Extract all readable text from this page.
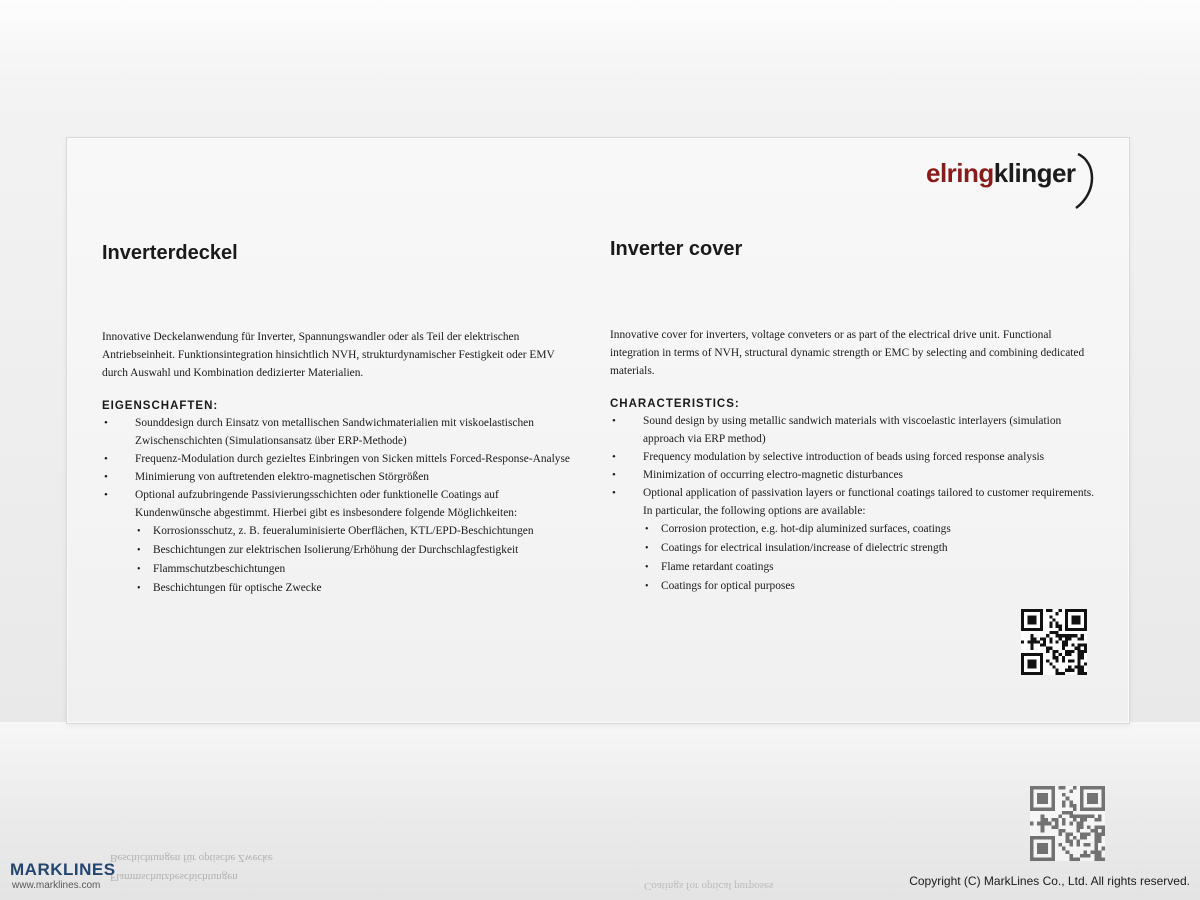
elringklinger
Inverterdeckel
Innovative Deckelanwendung für Inverter, Spannungswandler oder als Teil der elektrischen Antriebseinheit. Funktionsintegration hinsichtlich NVH, strukturdynamischer Festigkeit oder EMV durch Auswahl und Kombination dedizierter Materialien.
EIGENSCHAFTEN:
• Sounddesign durch Einsatz von metallischen Sandwichmaterialien mit viskoelastischen Zwischenschichten (Simulationsansatz über ERP-Methode)
• Frequenz-Modulation durch gezieltes Einbringen von Sicken mittels Forced-Response-Analyse
• Minimierung von auftretenden elektro-magnetischen Störgrößen
• Optional aufzubringende Passivierungsschichten oder funktionelle Coatings auf Kundenwünsche abgestimmt. Hierbei gibt es insbesondere folgende Möglichkeiten:
• Korrosionsschutz, z. B. feueraluminisierte Oberflächen, KTL/EPD-Beschichtungen
• Beschichtungen zur elektrischen Isolierung/Erhöhung der Durchschlagfestigkeit
• Flammschutzbeschichtungen
• Beschichtungen für optische Zwecke
Inverter cover
Innovative cover for inverters, voltage conveters or as part of the electrical drive unit. Functional integration in terms of NVH, structural dynamic strength or EMC by selecting and combining dedicated materials.
CHARACTERISTICS:
• Sound design by using metallic sandwich materials with viscoelastic interlayers (simulation approach via ERP method)
• Frequency modulation by selective introduction of beads using forced response analysis
• Minimization of occurring electro-magnetic disturbances
• Optional application of passivation layers or functional coatings tailored to customer requirements. In particular, the following options are available:
• Corrosion protection, e.g. hot-dip aluminized surfaces, coatings
• Coatings for electrical insulation/increase of dielectric strength
• Flame retardant coatings
• Coatings for optical purposes
Beschichtungen für optische Zwecke
Flammschutzbeschichtungen
Coatings for optical purposes
MARKLINES
www.marklines.com	Copyright (C) MarkLines Co., Ltd. All rights reserved.
